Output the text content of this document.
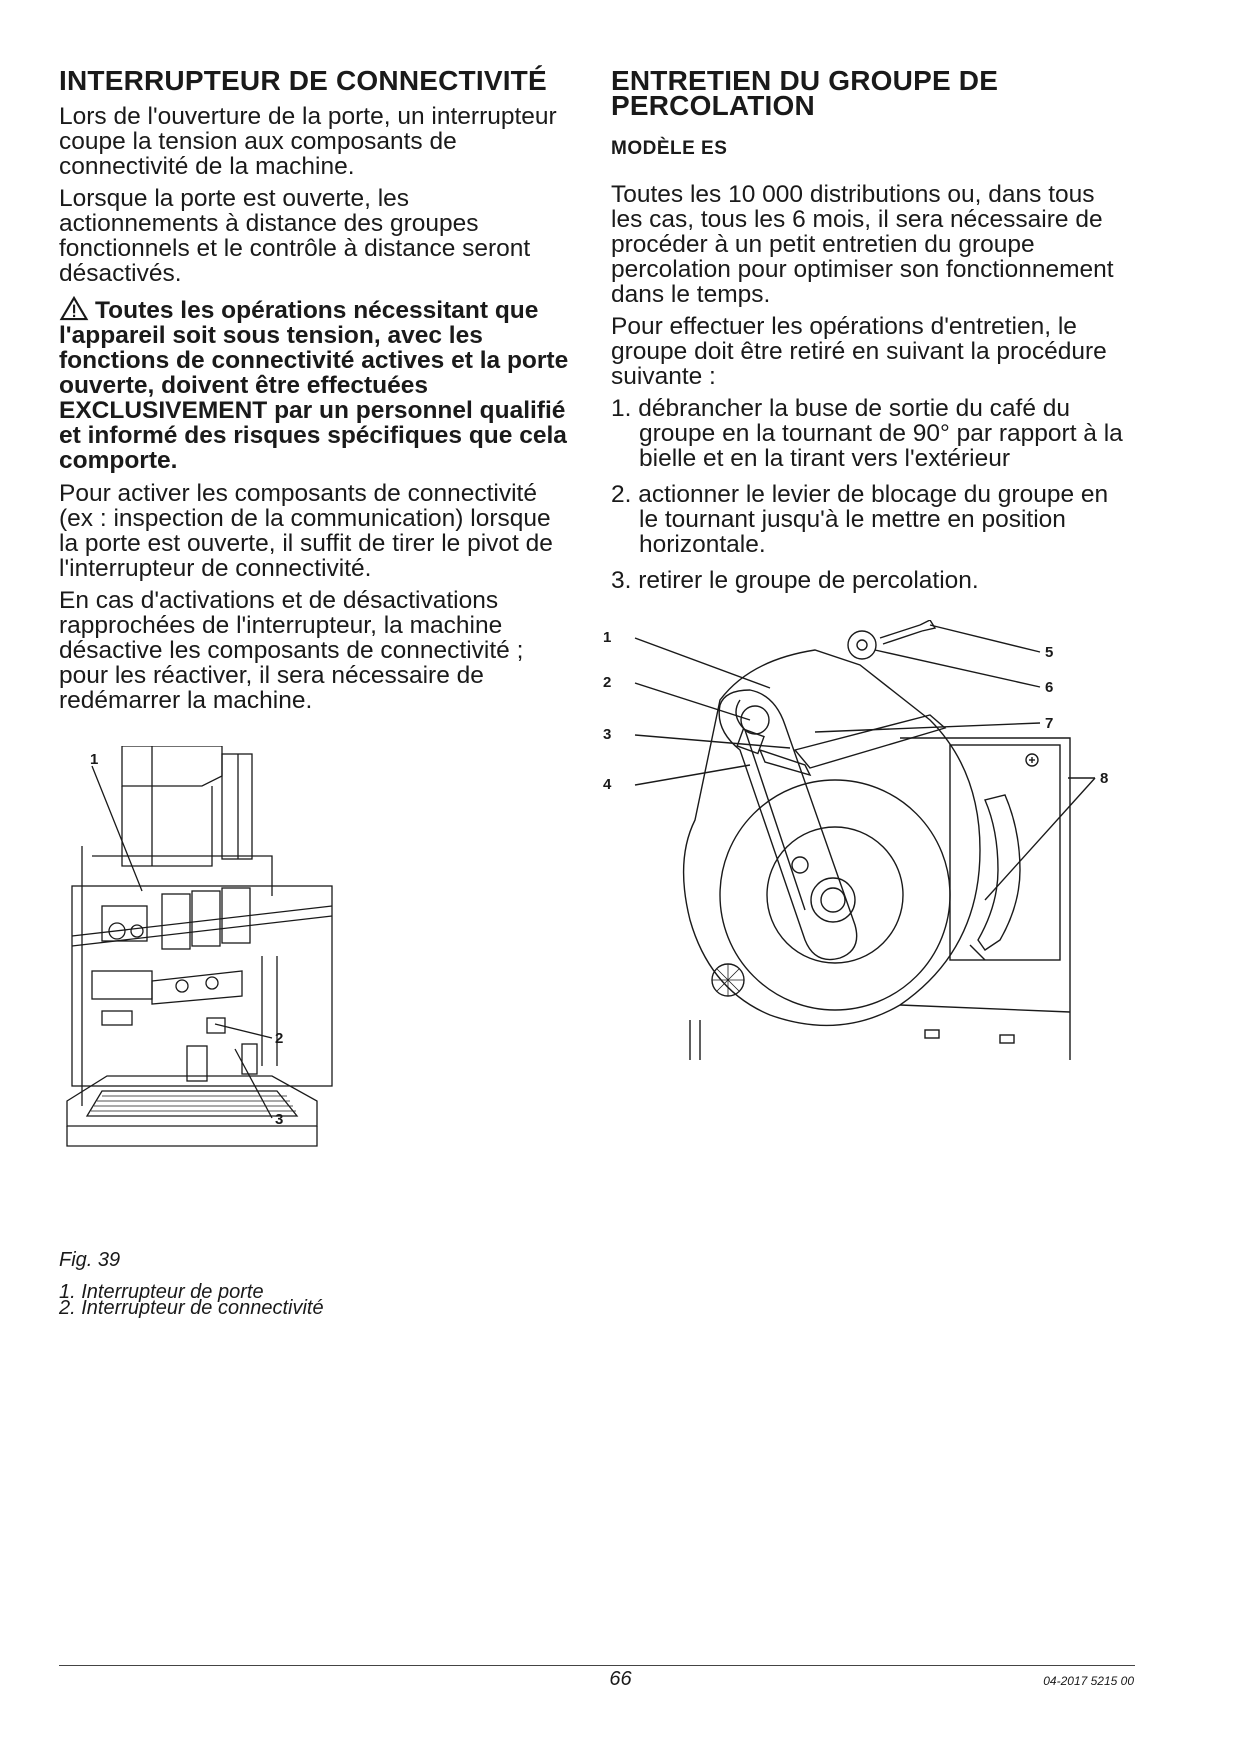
INTERRUPTEUR DE CONNECTIVITÉ

Lors de l'ouverture de la porte, un interrupteur coupe la tension aux composants de connectivité de la machine.

Lorsque la porte est ouverte, les actionnements à distance des groupes fonctionnels et le contrôle à distance seront désactivés.

Toutes les opérations nécessitant que l'appareil soit sous tension, avec les fonctions de connectivité actives et la porte ouverte, doivent être effectuées EXCLUSIVEMENT par un personnel qualifié et informé des risques spécifiques que cela comporte.

Pour activer les composants de connectivité (ex : inspection de la communication) lorsque la porte est ouverte, il suffit de tirer le pivot de l'interrupteur de connectivité.

En cas d'activations et de désactivations rapprochées de l'interrupteur, la machine désactive les composants de connectivité ; pour les réactiver, il sera nécessaire de redémarrer la machine.

1
2
3
Fig. 39
1. Interrupteur de porte
2. Interrupteur de connectivité
ENTRETIEN DU GROUPE DE PERCOLATION
MODÈLE ES

Toutes les 10 000 distributions ou, dans tous les cas, tous les 6 mois, il sera nécessaire de procéder à un petit entretien du groupe percolation pour optimiser son fonctionnement dans le temps.

Pour effectuer les opérations d'entretien, le groupe doit être retiré en suivant la procédure suivante :

1. débrancher la buse de sortie du café du groupe en la tournant de 90° par rapport à la bielle et en la tirant vers l'extérieur
2. actionner le levier de blocage du groupe en le tournant jusqu'à le mettre en position horizontale.
3. retirer le groupe de percolation.
1
2
3
4
5
6
7
8
66	04-2017 5215 00
